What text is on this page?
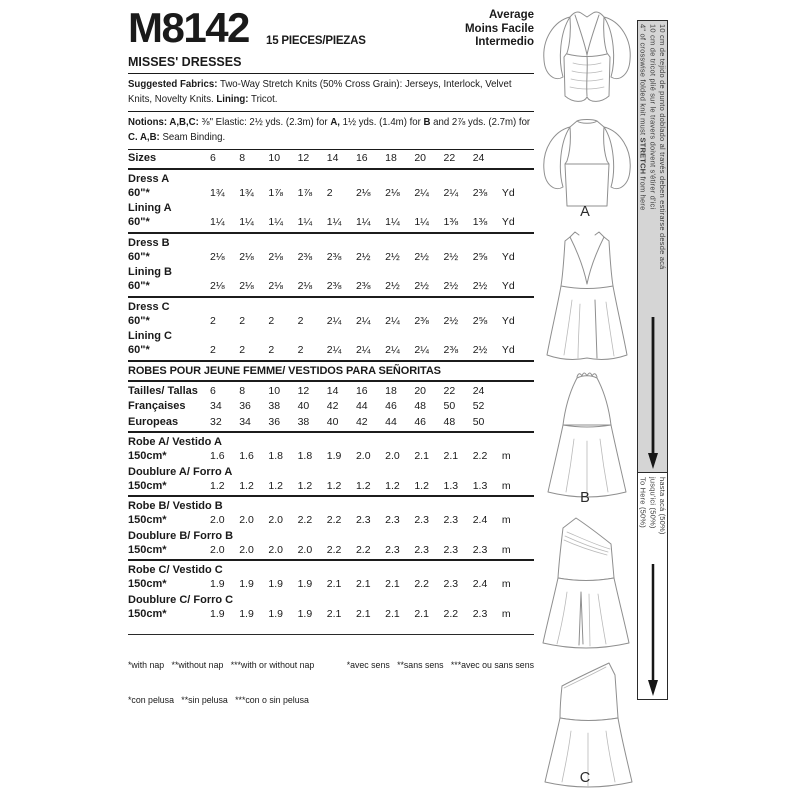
M8142 15 PIECES/PIEZAS
Average
Moins Facile
Intermedio
MISSES' DRESSES
Suggested Fabrics: Two-Way Stretch Knits (50% Cross Grain): Jerseys, Interlock, Velvet Knits, Novelty Knits. Lining: Tricot.
Notions: A,B,C: ⅜" Elastic: 2½ yds. (2.3m) for A, 1½ yds. (1.4m) for B and 2⅞ yds. (2.7m) for C. A,B: Seam Binding.
Sizes	6	8	10	12	14	16	18	20	22	24
Dress A
60"*	1¾	1¾	1⅞	1⅞	2	2⅛	2⅛	2¼	2¼	2⅜	Yd
Lining A
60"*	1¼	1¼	1¼	1¼	1¼	1¼	1¼	1¼	1⅜	1⅜	Yd
Dress B
60"*	2⅛	2⅛	2⅛	2⅜	2⅜	2½	2½	2½	2½	2⅝	Yd
Lining B
60"*	2⅛	2⅛	2⅛	2⅛	2⅜	2⅜	2½	2½	2½	2½	Yd
Dress C
60"*	2	2	2	2	2¼	2¼	2¼	2⅜	2½	2⅝	Yd
Lining C
60"*	2	2	2	2	2¼	2¼	2¼	2¼	2⅜	2½	Yd
ROBES POUR JEUNE FEMME/ VESTIDOS PARA SEÑORITAS
Tailles/ Tallas	6	8	10	12	14	16	18	20	22	24
Françaises	34	36	38	40	42	44	46	48	50	52
Europeas	32	34	36	38	40	42	44	46	48	50
Robe A/ Vestido A
150cm*	1.6	1.6	1.8	1.8	1.9	2.0	2.0	2.1	2.1	2.2	m
Doublure A/ Forro A
150cm*	1.2	1.2	1.2	1.2	1.2	1.2	1.2	1.2	1.3	1.3	m
Robe B/ Vestido B
150cm*	2.0	2.0	2.0	2.2	2.2	2.3	2.3	2.3	2.3	2.4	m
Doublure B/ Forro B
150cm*	2.0	2.0	2.0	2.0	2.2	2.2	2.3	2.3	2.3	2.3	m
Robe C/ Vestido C
150cm*	1.9	1.9	1.9	1.9	2.1	2.1	2.1	2.2	2.3	2.4	m
Doublure C/ Forro C
150cm*	1.9	1.9	1.9	1.9	2.1	2.1	2.1	2.1	2.2	2.3	m

*with nap   **without nap   ***with or without nap

*con pelusa   **sin pelusa   ***con o sin pelusa

*avec sens   **sans sens   ***avec ou sans sens

A
B
C
4" of crosswise folded knit must STRETCH from here 10 cm de tricot plié sur le travers doivent s'étirer d'ici 10 cm de tejido de punto doblado al través deben estirarse desde acá
To Here (50%) jusqu'ici (50%) hasta acá (50%)
